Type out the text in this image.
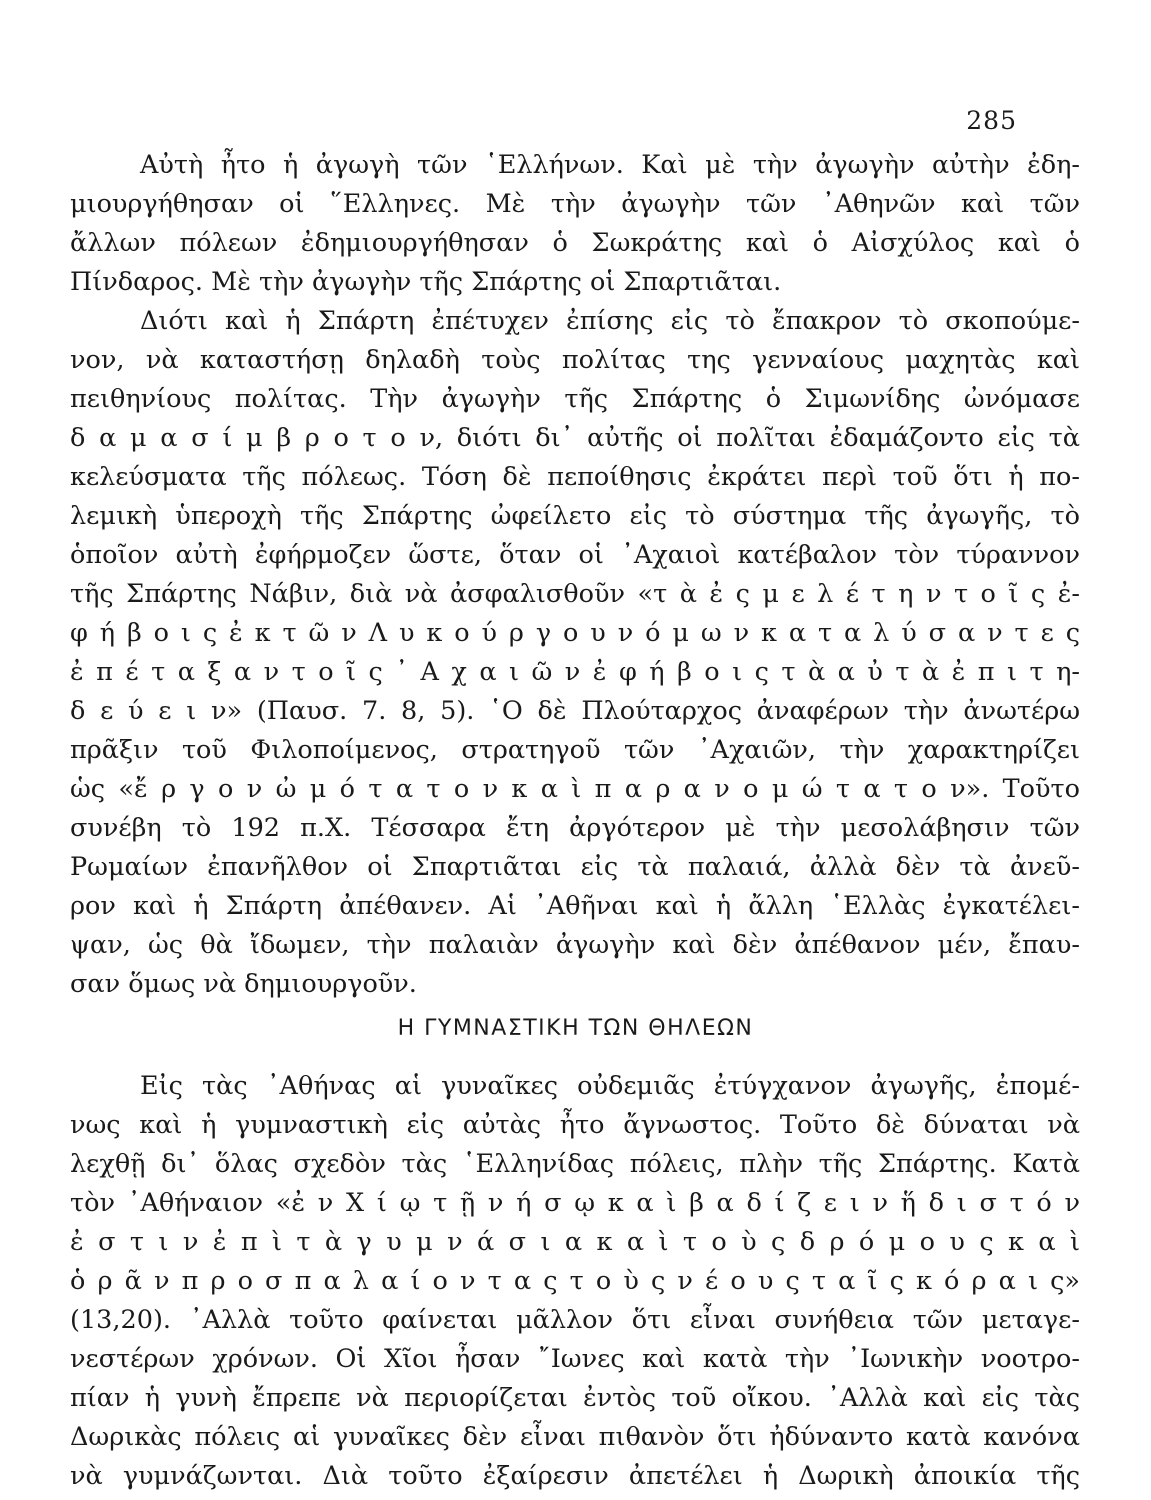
285
Αὐτὴ ἦτο ἡ ἀγωγὴ τῶν ῾Ελλήνων. Καὶ μὲ τὴν ἀγωγὴν αὐτὴν ἐδη-
μιουργήθησαν οἱ ῞Ελληνες. Μὲ τὴν ἀγωγὴν τῶν ᾿Αθηνῶν καὶ τῶν
ἄλλων πόλεων ἐδημιουργήθησαν ὁ Σωκράτης καὶ ὁ Αἰσχύλος καὶ ὁ
Πίνδαρος. Μὲ τὴν ἀγωγὴν τῆς Σπάρτης οἱ Σπαρτιᾶται.
Διότι καὶ ἡ Σπάρτη ἐπέτυχεν ἐπίσης εἰς τὸ ἔπακρον τὸ σκοπούμε-
νον, νὰ καταστήσῃ δηλαδὴ τοὺς πολίτας της γενναίους μαχητὰς καὶ
πειθηνίους πολίτας. Τὴν ἀγωγὴν τῆς Σπάρτης ὁ Σιμωνίδης ὠνόμασε
δ α μ α σ ί μ β ρ ο τ ο ν, διότι δι᾿ αὐτῆς οἱ πολῖται ἐδαμάζοντο εἰς τὰ
κελεύσματα τῆς πόλεως. Τόση δὲ πεποίθησις ἐκράτει περὶ τοῦ ὅτι ἡ πο-
λεμικὴ ὑπεροχὴ τῆς Σπάρτης ὠφείλετο εἰς τὸ σύστημα τῆς ἀγωγῆς, τὸ
ὁποῖον αὐτὴ ἐφήρμοζεν ὥστε, ὅταν οἱ ᾿Αχαιοὶ κατέβαλον τὸν τύραννον
τῆς Σπάρτης Νάβιν, διὰ νὰ ἀσφαλισθοῦν «τ ὰ ἐ ς μ ε λ έ τ η ν τ ο ῖ ς ἐ-
φ ή β ο ι ς ἐ κ τ ῶ ν Λ υ κ ο ύ ρ γ ο υ ν ό μ ω ν κ α τ α λ ύ σ α ν τ ε ς
ἐ π έ τ α ξ α ν τ ο ῖ ς ᾿ Α χ α ι ῶ ν ἐ φ ή β ο ι ς τ ὰ α ὐ τ ὰ ἐ π ι τ η-
δ ε ύ ε ι ν» (Παυσ. 7. 8, 5). ῾Ο δὲ Πλούταρχος ἀναφέρων τὴν ἀνωτέρω
πρᾶξιν τοῦ Φιλοποίμενος, στρατηγοῦ τῶν ᾿Αχαιῶν, τὴν χαρακτηρίζει
ὡς «ἔ ρ γ ο ν ὠ μ ό τ α τ ο ν κ α ὶ π α ρ α ν ο μ ώ τ α τ ο ν». Τοῦτο
συνέβη τὸ 192 π.Χ. Τέσσαρα ἔτη ἀργότερον μὲ τὴν μεσολάβησιν τῶν
Ρωμαίων ἐπανῆλθον οἱ Σπαρτιᾶται εἰς τὰ παλαιά, ἀλλὰ δὲν τὰ ἀνεῦ-
ρον καὶ ἡ Σπάρτη ἀπέθανεν. Αἱ ᾿Αθῆναι καὶ ἡ ἄλλη ῾Ελλὰς ἐγκατέλει-
ψαν, ὡς θὰ ἴδωμεν, τὴν παλαιὰν ἀγωγὴν καὶ δὲν ἀπέθανον μέν, ἔπαυ-
σαν ὅμως νὰ δημιουργοῦν.
Η ΓΥΜΝΑΣΤΙΚΗ ΤΩΝ ΘΗΛΕΩΝ
Εἰς τὰς ᾿Αθήνας αἱ γυναῖκες οὐδεμιᾶς ἐτύγχανον ἀγωγῆς, ἐπομέ-
νως καὶ ἡ γυμναστικὴ εἰς αὐτὰς ἦτο ἄγνωστος. Τοῦτο δὲ δύναται νὰ
λεχθῇ δι᾿ ὅλας σχεδὸν τὰς ῾Ελληνίδας πόλεις, πλὴν τῆς Σπάρτης. Κατὰ
τὸν ᾿Αθήναιον «ἐ ν Χ ί ῳ τ ῇ ν ή σ ῳ κ α ὶ β α δ ί ζ ε ι ν ἥ δ ι σ τ ό ν
ἐ σ τ ι ν ἐ π ὶ τ ὰ γ υ μ ν ά σ ι α κ α ὶ τ ο ὺ ς δ ρ ό μ ο υ ς κ α ὶ
ὁ ρ ᾶ ν π ρ ο σ π α λ α ί ο ν τ α ς τ ο ὺ ς ν έ ο υ ς τ α ῖ ς κ ό ρ α ι ς»
(13,20). ᾿Αλλὰ τοῦτο φαίνεται μᾶλλον ὅτι εἶναι συνήθεια τῶν μεταγε-
νεστέρων χρόνων. Οἱ Χῖοι ἦσαν ῎Ιωνες καὶ κατὰ τὴν ᾿Ιωνικὴν νοοτρο-
πίαν ἡ γυνὴ ἔπρεπε νὰ περιορίζεται ἐντὸς τοῦ οἴκου. ᾿Αλλὰ καὶ εἰς τὰς
Δωρικὰς πόλεις αἱ γυναῖκες δὲν εἶναι πιθανὸν ὅτι ἠδύναντο κατὰ κανόνα
νὰ γυμνάζωνται. Διὰ τοῦτο ἐξαίρεσιν ἀπετέλει ἡ Δωρικὴ ἀποικία τῆς
